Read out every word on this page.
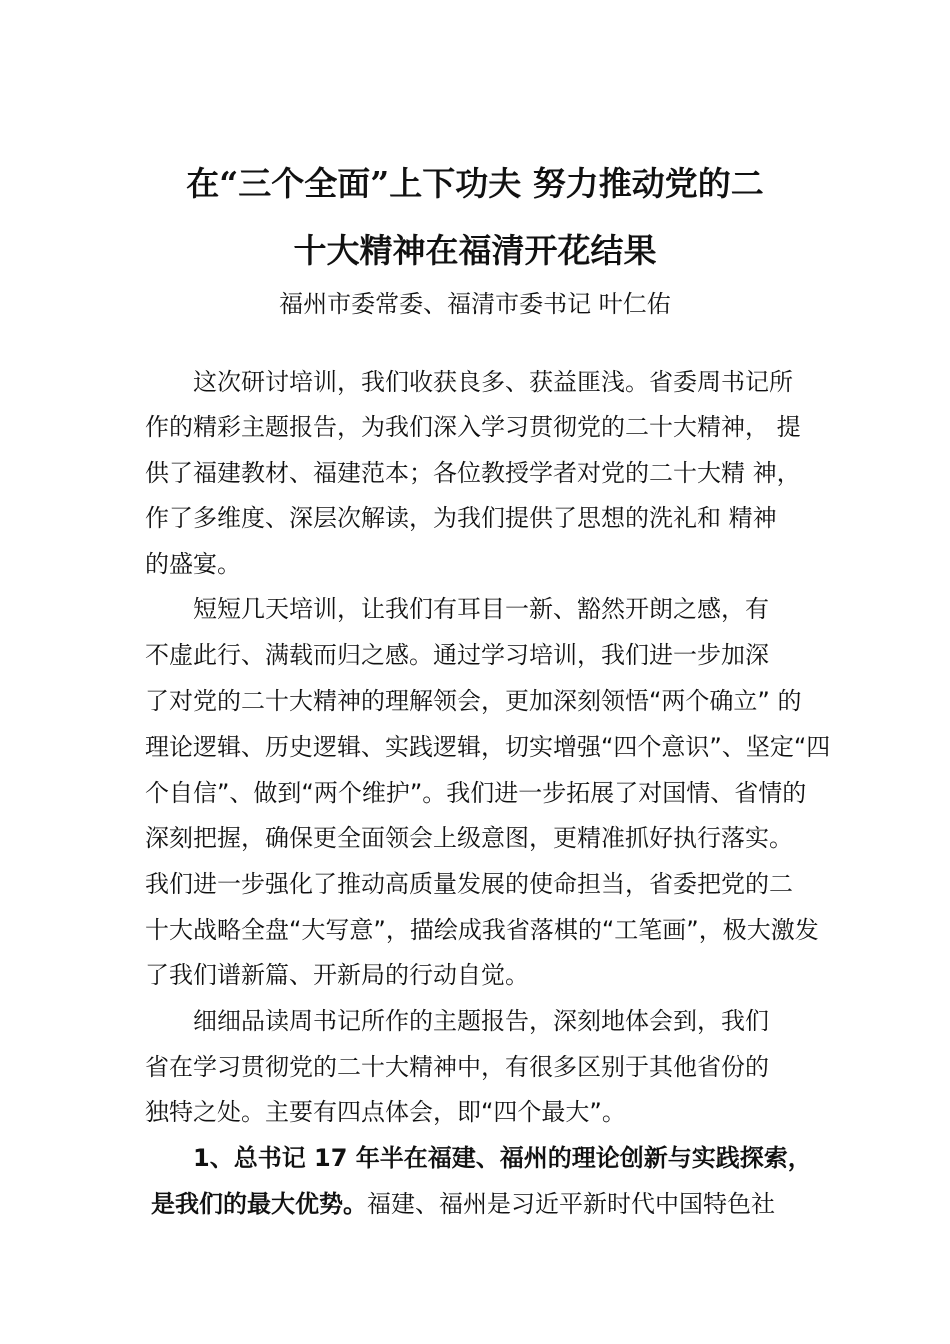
在“三个全面”上下功夫 努力推动党的二
十大精神在福清开花结果
福州市委常委、福清市委书记 叶仁佑
这次研讨培训，我们收获良多、获益匪浅。省委周书记所
作的精彩主题报告，为我们深入学习贯彻党的二十大精神， 提
供了福建教材、福建范本；各位教授学者对党的二十大精 神，
作了多维度、深层次解读，为我们提供了思想的洗礼和 精神
的盛宴。
短短几天培训，让我们有耳目一新、豁然开朗之感，有
不虚此行、满载而归之感。通过学习培训，我们进一步加深
了对党的二十大精神的理解领会，更加深刻领悟“两个确立” 的
理论逻辑、历史逻辑、实践逻辑，切实增强“四个意识”、坚定“四
个自信”、做到“两个维护”。我们进一步拓展了对国情、省情的
深刻把握，确保更全面领会上级意图，更精准抓好执行落实。
我们进一步强化了推动高质量发展的使命担当，省委把党的二
十大战略全盘“大写意”，描绘成我省落棋的“工笔画”，极大激发
了我们谱新篇、开新局的行动自觉。
细细品读周书记所作的主题报告，深刻地体会到，我们
省在学习贯彻党的二十大精神中，有很多区别于其他省份的
独特之处。主要有四点体会，即“四个最大”。
1、总书记 17 年半在福建、福州的理论创新与实践探索，
是我们的最大优势。福建、福州是习近平新时代中国特色社
